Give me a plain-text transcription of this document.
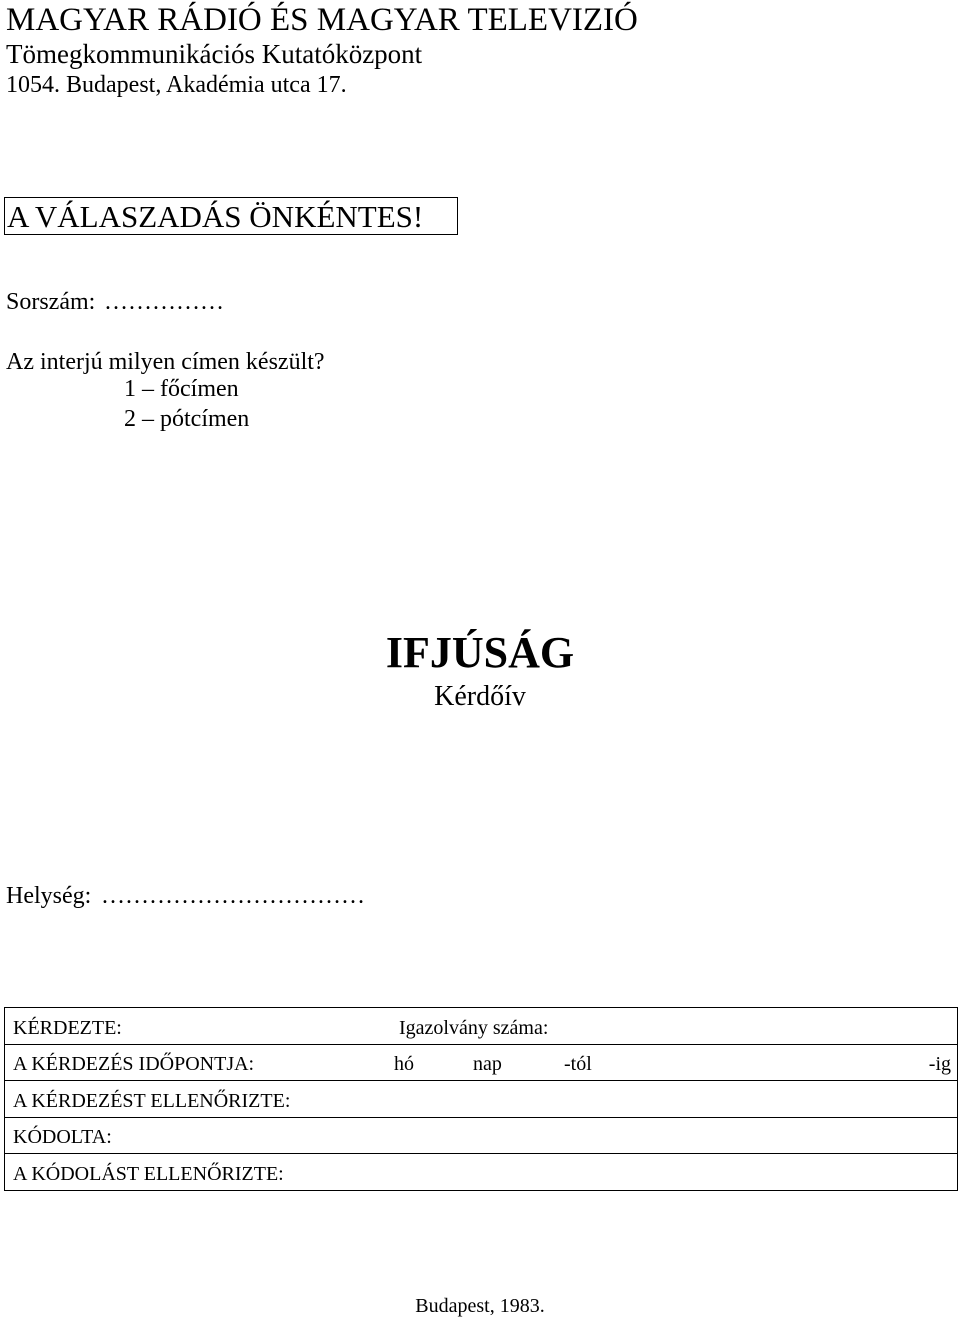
MAGYAR RÁDIÓ ÉS MAGYAR TELEVIZIÓ
Tömegkommunikációs Kutatóközpont
1054. Budapest, Akadémia utca 17.
A VÁLASZADÁS ÖNKÉNTES!
Sorszám: ……………
Az interjú milyen címen készült?
1 – főcímen
2 – pótcímen
IFJÚSÁG
Kérdőív
Helység: ……………………………
KÉRDEZTE:	Igazolvány száma:

A KÉRDEZÉS IDŐPONTJA:	hó	nap	-tól	-ig

A KÉRDEZÉST ELLENŐRIZTE:

KÓDOLTA:

A KÓDOLÁST ELLENŐRIZTE:
Budapest, 1983.
